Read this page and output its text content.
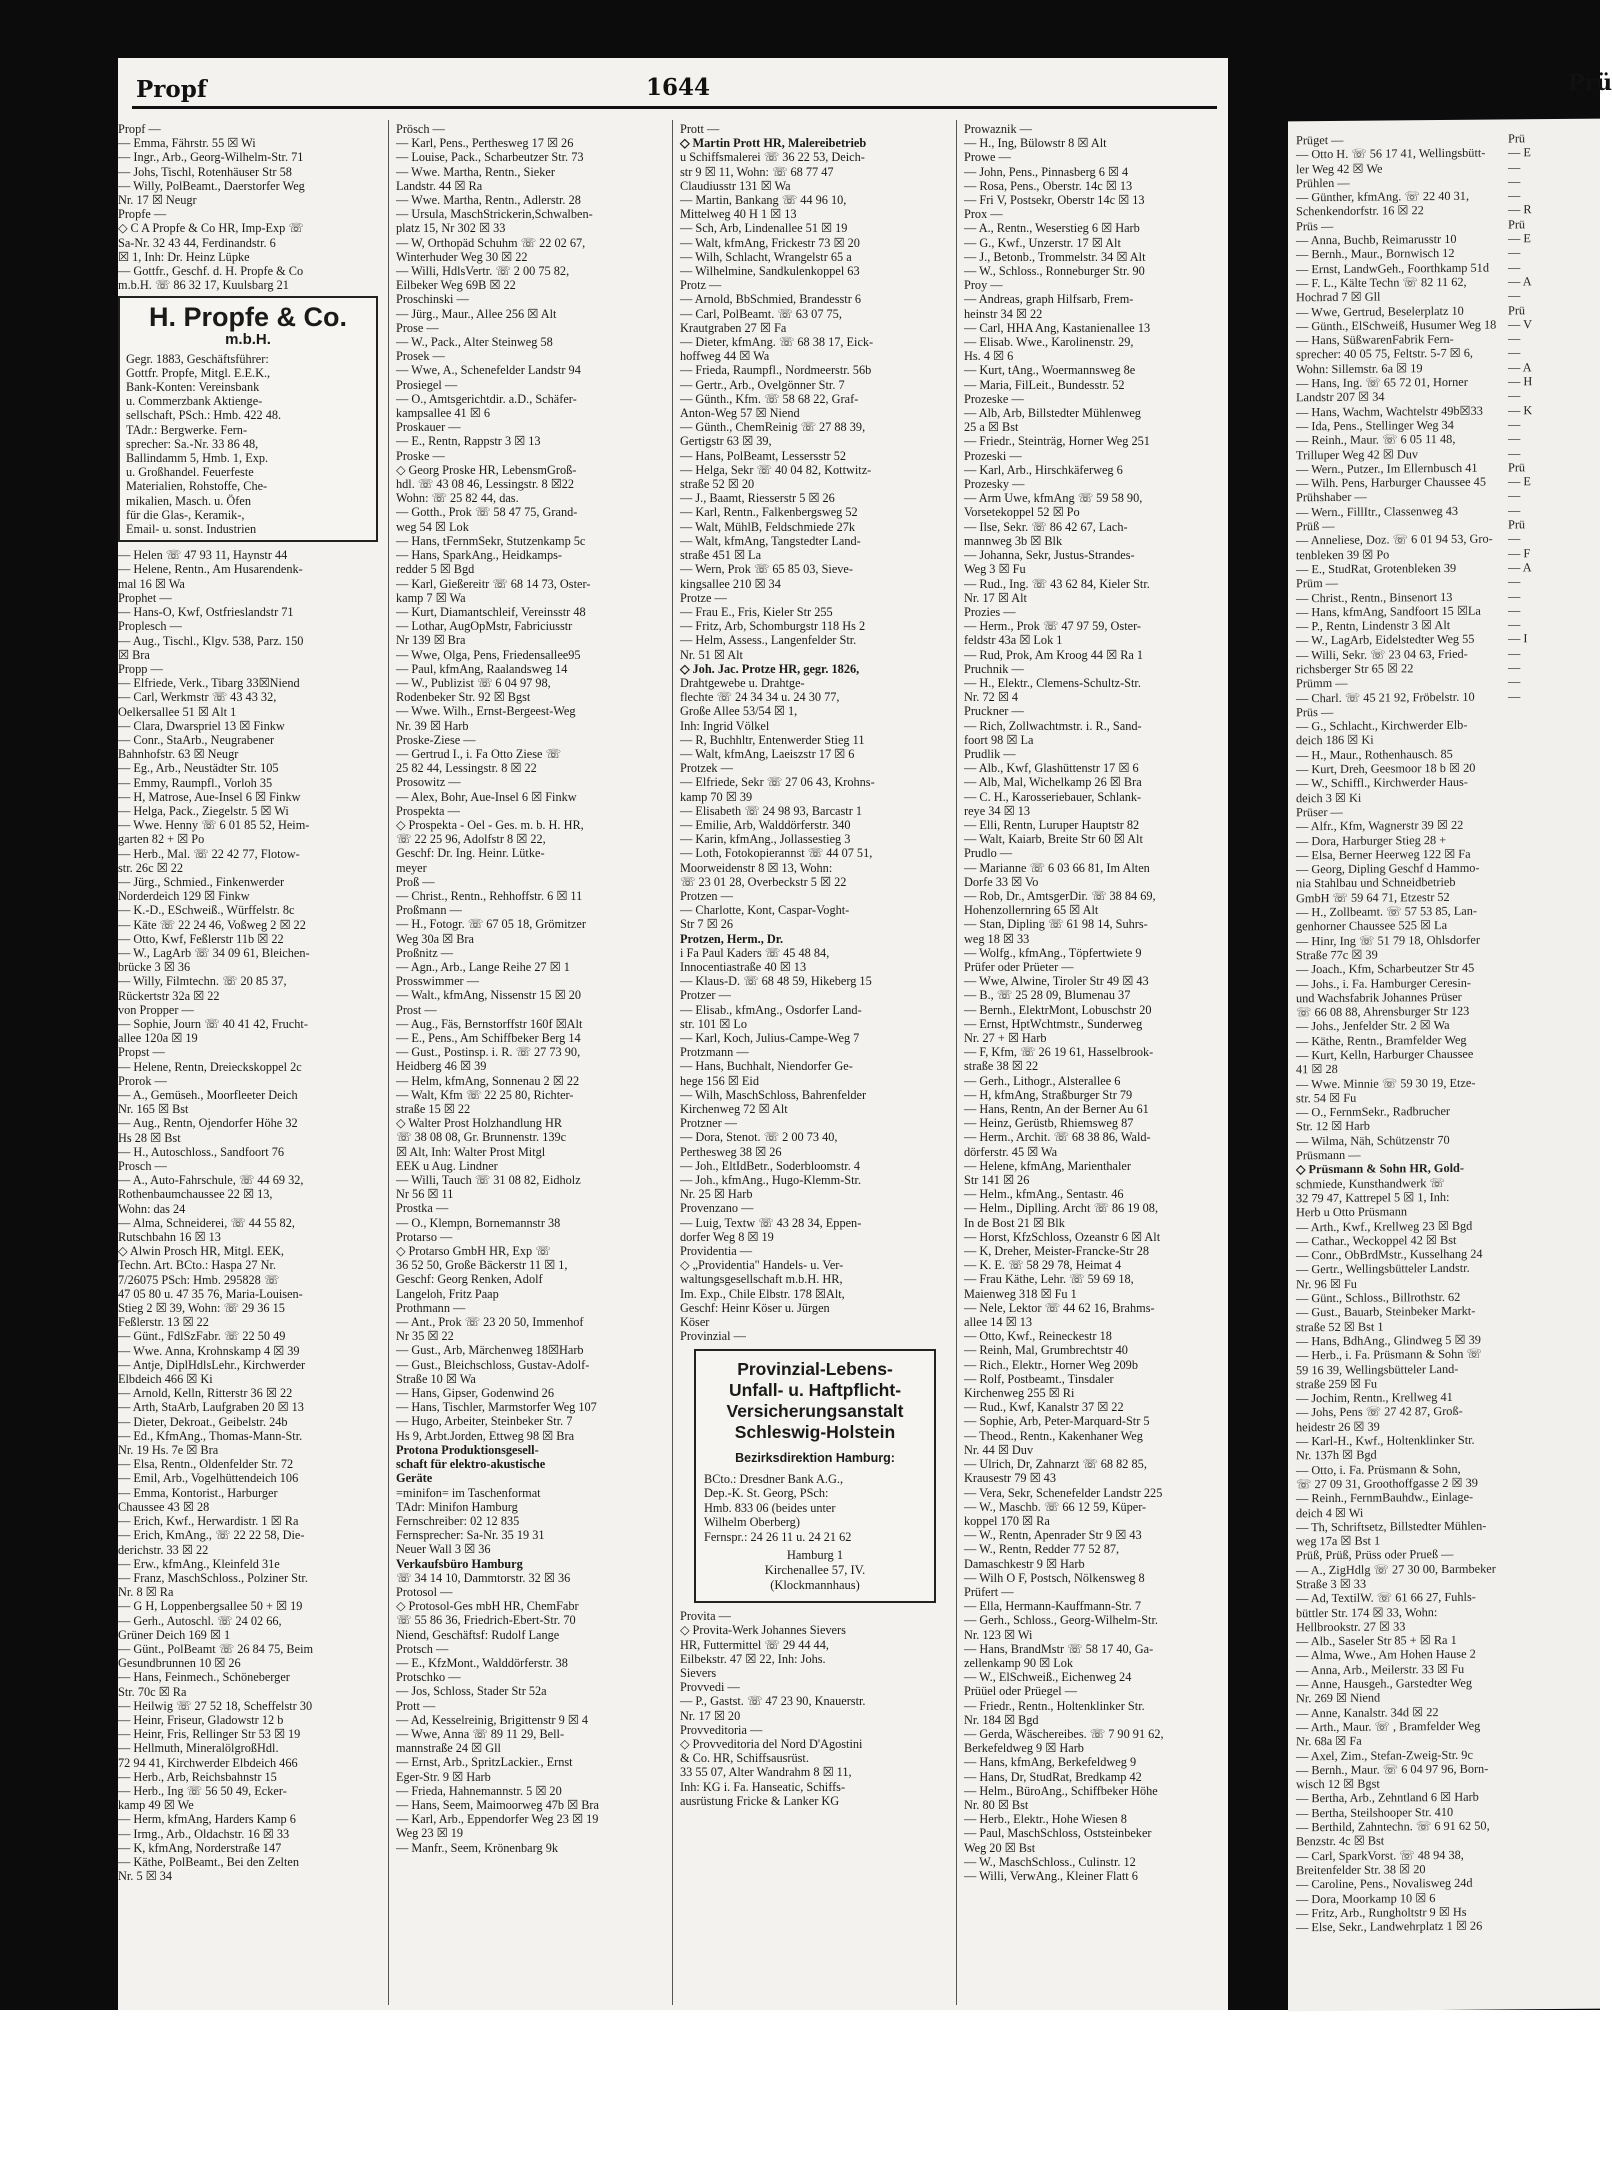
Propf	1644
Propf —
— Emma, Fährstr. 55 ☒ Wi
— Ingr., Arb., Georg-Wilhelm-Str. 71
— Johs, Tischl, Rotenhäuser Str 58
— Willy, PolBeamt., Daerstorfer Weg
Nr. 17 ☒ Neugr
Propfe —
◇ C A Propfe & Co HR, Imp-Exp ☏
Sa-Nr. 32 43 44, Ferdinandstr. 6
☒ 1, Inh: Dr. Heinz Lüpke
— Gottfr., Geschf. d. H. Propfe & Co
m.b.H. ☏ 86 32 17, Kuulsbarg 21
H. Propfe & Co.
m.b.H.
Gegr. 1883, Geschäftsführer:
Gottfr. Propfe, Mitgl. E.E.K.,
Bank-Konten: Vereinsbank
u. Commerzbank Aktienge-
sellschaft, PSch.: Hmb. 422 48.
TAdr.: Bergwerke. Fern-
sprecher: Sa.-Nr. 33 86 48,
Ballindamm 5, Hmb. 1, Exp.
u. Großhandel. Feuerfeste
Materialien, Rohstoffe, Che-
mikalien, Masch. u. Öfen
für die Glas-, Keramik-,
Email- u. sonst. Industrien
— Helen ☏ 47 93 11, Haynstr 44
— Helene, Rentn., Am Husarendenk-
mal 16 ☒ Wa
Prophet —
— Hans-O, Kwf, Ostfrieslandstr 71
Proplesch —
— Aug., Tischl., Klgv. 538, Parz. 150
☒ Bra
Propp —
— Elfriede, Verk., Tibarg 33☒Niend
— Carl, Werkmstr ☏ 43 43 32,
Oelkersallee 51 ☒ Alt 1
— Clara, Dwarspriel 13 ☒ Finkw
— Conr., StaArb., Neugrabener
Bahnhofstr. 63 ☒ Neugr
— Eg., Arb., Neustädter Str. 105
— Emmy, Raumpfl., Vorloh 35
— H, Matrose, Aue-Insel 6 ☒ Finkw
— Helga, Pack., Ziegelstr. 5 ☒ Wi
— Wwe. Henny ☏ 6 01 85 52, Heim-
garten 82 + ☒ Po
— Herb., Mal. ☏ 22 42 77, Flotow-
str. 26c ☒ 22
— Jürg., Schmied., Finkenwerder
Norderdeich 129 ☒ Finkw
— K.-D., ESchweiß., Würffelstr. 8c
— Käte ☏ 22 24 46, Voßweg 2 ☒ 22
— Otto, Kwf, Feßlerstr 11b ☒ 22
— W., LagArb ☏ 34 09 61, Bleichen-
brücke 3 ☒ 36
— Willy, Filmtechn. ☏ 20 85 37,
Rückertstr 32a ☒ 22
von Propper —
— Sophie, Journ ☏ 40 41 42, Frucht-
allee 120a ☒ 19
Propst —
— Helene, Rentn, Dreieckskoppel 2c
Prorok —
— A., Gemüseh., Moorfleeter Deich
Nr. 165 ☒ Bst
— Aug., Rentn, Ojendorfer Höhe 32
Hs 28 ☒ Bst
— H., Autoschloss., Sandfoort 76
Prosch —
— A., Auto-Fahrschule, ☏ 44 69 32,
Rothenbaumchaussee 22 ☒ 13,
Wohn: das 24
— Alma, Schneiderei, ☏ 44 55 82,
Rutschbahn 16 ☒ 13
◇ Alwin Prosch HR, Mitgl. EEK,
Techn. Art. BCto.: Haspa 27 Nr.
7/26075 PSch: Hmb. 295828 ☏
47 05 80 u. 47 35 76, Maria-Louisen-
Stieg 2 ☒ 39, Wohn: ☏ 29 36 15
Feßlerstr. 13 ☒ 22
— Günt., FdlSzFabr. ☏ 22 50 49
— Wwe. Anna, Krohnskamp 4 ☒ 39
— Antje, DiplHdlsLehr., Kirchwerder
Elbdeich 466 ☒ Ki
— Arnold, Kelln, Ritterstr 36 ☒ 22
— Arth, StaArb, Laufgraben 20 ☒ 13
— Dieter, Dekroat., Geibelstr. 24b
— Ed., KfmAng., Thomas-Mann-Str.
Nr. 19 Hs. 7e ☒ Bra
— Elsa, Rentn., Oldenfelder Str. 72
— Emil, Arb., Vogelhüttendeich 106
— Emma, Kontorist., Harburger
Chaussee 43 ☒ 28
— Erich, Kwf., Herwardistr. 1 ☒ Ra
— Erich, KmAng., ☏ 22 22 58, Die-
derichstr. 33 ☒ 22
— Erw., kfmAng., Kleinfeld 31e
— Franz, MaschSchloss., Polziner Str.
Nr. 8 ☒ Ra
— G H, Loppenbergsallee 50 + ☒ 19
— Gerh., Autoschl. ☏ 24 02 66,
Grüner Deich 169 ☒ 1
— Günt., PolBeamt ☏ 26 84 75, Beim
Gesundbrunnen 10 ☒ 26
— Hans, Feinmech., Schöneberger
Str. 70c ☒ Ra
— Heilwig ☏ 27 52 18, Scheffelstr 30
— Heinr, Friseur, Gladowstr 12 b
— Heinr, Fris, Rellinger Str 53 ☒ 19
— Hellmuth, MineralölgroßHdl.
72 94 41, Kirchwerder Elbdeich 466
— Herb., Arb, Reichsbahnstr 15
— Herb., Ing ☏ 56 50 49, Ecker-
kamp 49 ☒ We
— Herm, kfmAng, Harders Kamp 6
— Irmg., Arb., Oldachstr. 16 ☒ 33
— K, kfmAng, Norderstraße 147
— Käthe, PolBeamt., Bei den Zelten
Nr. 5 ☒ 34
Prösch —
— Karl, Pens., Perthesweg 17 ☒ 26
— Louise, Pack., Scharbeutzer Str. 73
— Wwe. Martha, Rentn., Sieker
Landstr. 44 ☒ Ra
— Wwe. Martha, Rentn., Adlerstr. 28
— Ursula, MaschStrickerin,Schwalben-
platz 15, Nr 302 ☒ 33
— W, Orthopäd Schuhm ☏ 22 02 67,
Winterhuder Weg 30 ☒ 22
— Willi, HdlsVertr. ☏ 2 00 75 82,
Eilbeker Weg 69B ☒ 22
Proschinski —
— Jürg., Maur., Allee 256 ☒ Alt
Prose —
— W., Pack., Alter Steinweg 58
Prosek —
— Wwe, A., Schenefelder Landstr 94
Prosiegel —
— O., Amtsgerichtdir. a.D., Schäfer-
kampsallee 41 ☒ 6
Proskauer —
— E., Rentn, Rappstr 3 ☒ 13
Proske —
◇ Georg Proske HR, LebensmGroß-
hdl. ☏ 43 08 46, Lessingstr. 8 ☒22
Wohn: ☏ 25 82 44, das.
— Gotth., Prok ☏ 58 47 75, Grand-
weg 54 ☒ Lok
— Hans, tFernmSekr, Stutzenkamp 5c
— Hans, SparkAng., Heidkamps-
redder 5 ☒ Bgd
— Karl, Gießereitr ☏ 68 14 73, Oster-
kamp 7 ☒ Wa
— Kurt, Diamantschleif, Vereinsstr 48
— Lothar, AugOpMstr, Fabriciusstr
Nr 139 ☒ Bra
— Wwe, Olga, Pens, Friedensallee95
— Paul, kfmAng, Raalandsweg 14
— W., Publizist ☏ 6 04 97 98,
Rodenbeker Str. 92 ☒ Bgst
— Wwe. Wilh., Ernst-Bergeest-Weg
Nr. 39 ☒ Harb
Proske-Ziese —
— Gertrud I., i. Fa Otto Ziese ☏
25 82 44, Lessingstr. 8 ☒ 22
Prosowitz —
— Alex, Bohr, Aue-Insel 6 ☒ Finkw
Prospekta —
◇ Prospekta - Oel - Ges. m. b. H. HR,
☏ 22 25 96, Adolfstr 8 ☒ 22,
Geschf: Dr. Ing. Heinr. Lütke-
meyer
Proß —
— Christ., Rentn., Rehhoffstr. 6 ☒ 11
Proßmann —
— H., Fotogr. ☏ 67 05 18, Grömitzer
Weg 30a ☒ Bra
Proßnitz —
— Agn., Arb., Lange Reihe 27 ☒ 1
Prosswimmer —
— Walt., kfmAng, Nissenstr 15 ☒ 20
Prost —
— Aug., Fäs, Bernstorffstr 160f ☒Alt
— E., Pens., Am Schiffbeker Berg 14
— Gust., Postinsp. i. R. ☏ 27 73 90,
Heidberg 46 ☒ 39
— Helm, kfmAng, Sonnenau 2 ☒ 22
— Walt, Kfm ☏ 22 25 80, Richter-
straße 15 ☒ 22
◇ Walter Prost Holzhandlung HR
☏ 38 08 08, Gr. Brunnenstr. 139c
☒ Alt, Inh: Walter Prost Mitgl
EEK u Aug. Lindner
— Willi, Tauch ☏ 31 08 82, Eidholz
Nr 56 ☒ 11
Prostka —
— O., Klempn, Bornemannstr 38
Protarso —
◇ Protarso GmbH HR, Exp ☏
36 52 50, Große Bäckerstr 11 ☒ 1,
Geschf: Georg Renken, Adolf
Langeloh, Fritz Paap
Prothmann —
— Ant., Prok ☏ 23 20 50, Immenhof
Nr 35 ☒ 22
— Gust., Arb, Märchenweg 18☒Harb
— Gust., Bleichschloss, Gustav-Adolf-
Straße 10 ☒ Wa
— Hans, Gipser, Godenwind 26
— Hans, Tischler, Marmstorfer Weg 107
— Hugo, Arbeiter, Steinbeker Str. 7
Hs 9, Arbt.Jorden, Ettweg 98 ☒ Bra
Protona Produktionsgesell-
schaft für elektro-akustische
Geräte
=minifon= im Taschenformat
TAdr: Minifon Hamburg
Fernschreiber: 02 12 835
Fernsprecher: Sa-Nr. 35 19 31
Neuer Wall 3 ☒ 36
Verkaufsbüro Hamburg
☏ 34 14 10, Dammtorstr. 32 ☒ 36
Protosol —
◇ Protosol-Ges mbH HR, ChemFabr
☏ 55 86 36, Friedrich-Ebert-Str. 70
Niend, Geschäftsf: Rudolf Lange
Protsch —
— E., KfzMont., Walddörferstr. 38
Protschko —
— Jos, Schloss, Stader Str 52a
Prott —
— Ad, Kesselreinig, Brigittenstr 9 ☒ 4
— Wwe, Anna ☏ 89 11 29, Bell-
mannstraße 24 ☒ Gll
— Ernst, Arb., SpritzLackier., Ernst
Eger-Str. 9 ☒ Harb
— Frieda, Hahnemannstr. 5 ☒ 20
— Hans, Seem, Maimoorweg 47b ☒ Bra
— Karl, Arb., Eppendorfer Weg 23 ☒ 19
Weg 23 ☒ 19
— Manfr., Seem, Krönenbarg 9k
Prott —
◇ Martin Prott HR, Malereibetrieb
u Schiffsmalerei ☏ 36 22 53, Deich-
str 9 ☒ 11, Wohn: ☏ 68 77 47
Claudiusstr 131 ☒ Wa
— Martin, Bankang ☏ 44 96 10,
Mittelweg 40 H 1 ☒ 13
— Sch, Arb, Lindenallee 51 ☒ 19
— Walt, kfmAng, Frickestr 73 ☒ 20
— Wilh, Schlacht, Wrangelstr 65 a
— Wilhelmine, Sandkulenkoppel 63
Protz —
— Arnold, BbSchmied, Brandesstr 6
— Carl, PolBeamt. ☏ 63 07 75,
Krautgraben 27 ☒ Fa
— Dieter, kfmAng. ☏ 68 38 17, Eick-
hoffweg 44 ☒ Wa
— Frieda, Raumpfl., Nordmeerstr. 56b
— Gertr., Arb., Ovelgönner Str. 7
— Günth., Kfm. ☏ 58 68 22, Graf-
Anton-Weg 57 ☒ Niend
— Günth., ChemReinig ☏ 27 88 39,
Gertigstr 63 ☒ 39,
— Hans, PolBeamt, Lessersstr 52
— Helga, Sekr ☏ 40 04 82, Kottwitz-
straße 52 ☒ 20
— J., Baamt, Riesserstr 5 ☒ 26
— Karl, Rentn., Falkenbergsweg 52
— Walt, MühlB, Feldschmiede 27k
— Walt, kfmAng, Tangstedter Land-
straße 451 ☒ La
— Wern, Prok ☏ 65 85 03, Sieve-
kingsallee 210 ☒ 34
Protze —
— Frau E., Fris, Kieler Str 255
— Fritz, Arb, Schomburgstr 118 Hs 2
— Helm, Assess., Langenfelder Str.
Nr. 51 ☒ Alt
◇ Joh. Jac. Protze HR, gegr. 1826,
Drahtgewebe u. Drahtge-
flechte ☏ 24 34 34 u. 24 30 77,
Große Allee 53/54 ☒ 1,
Inh: Ingrid Völkel
— R, Buchhltr, Entenwerder Stieg 11
— Walt, kfmAng, Laeiszstr 17 ☒ 6
Protzek —
— Elfriede, Sekr ☏ 27 06 43, Krohns-
kamp 70 ☒ 39
— Elisabeth ☏ 24 98 93, Barcastr 1
— Emilie, Arb, Walddörferstr. 340
— Karin, kfmAng., Jollassestieg 3
— Loth, Fotokopierannst ☏ 44 07 51,
Moorweidenstr 8 ☒ 13, Wohn:
☏ 23 01 28, Overbeckstr 5 ☒ 22
Protzen —
— Charlotte, Kont, Caspar-Voght-
Str 7 ☒ 26
Protzen, Herm., Dr.
i Fa Paul Kaders ☏ 45 48 84,
Innocentiastraße 40 ☒ 13
— Klaus-D. ☏ 68 48 59, Hikeberg 15
Protzer —
— Elisab., kfmAng., Osdorfer Land-
str. 101 ☒ Lo
— Karl, Koch, Julius-Campe-Weg 7
Protzmann —
— Hans, Buchhalt, Niendorfer Ge-
hege 156 ☒ Eid
— Wilh, MaschSchloss, Bahrenfelder
Kirchenweg 72 ☒ Alt
Protzner —
— Dora, Stenot. ☏ 2 00 73 40,
Perthesweg 38 ☒ 26
— Joh., EltIdBetr., Soderbloomstr. 4
— Joh., kfmAng., Hugo-Klemm-Str.
Nr. 25 ☒ Harb
Provenzano —
— Luig, Textw ☏ 43 28 34, Eppen-
dorfer Weg 8 ☒ 19
Providentia —
◇ „Providentia" Handels- u. Ver-
waltungsgesellschaft m.b.H. HR,
Im. Exp., Chile Elbstr. 178 ☒Alt,
Geschf: Heinr Köser u. Jürgen
Köser
Provinzial —
Provinzial-Lebens-
Unfall- u. Haftpflicht-
Versicherungsanstalt
Schleswig-Holstein
Bezirksdirektion Hamburg:
BCto.: Dresdner Bank A.G.,
Dep.-K. St. Georg, PSch:
Hmb. 833 06 (beides unter
Wilhelm Oberberg)
Fernspr.: 24 26 11 u. 24 21 62
Hamburg 1
Kirchenallee 57, IV.
(Klockmannhaus)
Provita —
◇ Provita-Werk Johannes Sievers
HR, Futtermittel ☏ 29 44 44,
Eilbekstr. 47 ☒ 22, Inh: Johs.
Sievers
Provvedi —
— P., Gastst. ☏ 47 23 90, Knauerstr.
Nr. 17 ☒ 20
Provveditoria —
◇ Provveditoria del Nord D'Agostini
& Co. HR, Schiffsausrüst.
33 55 07, Alter Wandrahm 8 ☒ 11,
Inh: KG i. Fa. Hanseatic, Schiffs-
ausrüstung Fricke & Lanker KG
Prowaznik —
— H., Ing, Bülowstr 8 ☒ Alt
Prowe —
— John, Pens., Pinnasberg 6 ☒ 4
— Rosa, Pens., Oberstr. 14c ☒ 13
— Fri V, Postsekr, Oberstr 14c ☒ 13
Prox —
— A., Rentn., Weserstieg 6 ☒ Harb
— G., Kwf., Unzerstr. 17 ☒ Alt
— J., Betonb., Trommelstr. 34 ☒ Alt
— W., Schloss., Ronneburger Str. 90
Proy —
— Andreas, graph Hilfsarb, Frem-
heinstr 34 ☒ 22
— Carl, HHA Ang, Kastanienallee 13
— Elisab. Wwe., Karolinenstr. 29,
Hs. 4 ☒ 6
— Kurt, tAng., Woermannsweg 8e
— Maria, FilLeit., Bundesstr. 52
Prozeske —
— Alb, Arb, Billstedter Mühlenweg
25 a ☒ Bst
— Friedr., Steinträg, Horner Weg 251
Prozeski —
— Karl, Arb., Hirschkäferweg 6
Prozesky —
— Arm Uwe, kfmAng ☏ 59 58 90,
Vorsetekoppel 52 ☒ Po
— Ilse, Sekr. ☏ 86 42 67, Lach-
mannweg 3b ☒ Blk
— Johanna, Sekr, Justus-Strandes-
Weg 3 ☒ Fu
— Rud., Ing. ☏ 43 62 84, Kieler Str.
Nr. 17 ☒ Alt
Prozies —
— Herm., Prok ☏ 47 97 59, Oster-
feldstr 43a ☒ Lok 1
— Rud, Prok, Am Kroog 44 ☒ Ra 1
Pruchnik —
— H., Elektr., Clemens-Schultz-Str.
Nr. 72 ☒ 4
Pruckner —
— Rich, Zollwachtmstr. i. R., Sand-
foort 98 ☒ La
Prudlik —
— Alb., Kwf, Glashüttenstr 17 ☒ 6
— Alb, Mal, Wichelkamp 26 ☒ Bra
— C. H., Karosseriebauer, Schlank-
reye 34 ☒ 13
— Elli, Rentn, Luruper Hauptstr 82
— Walt, Kaiarb, Breite Str 60 ☒ Alt
Prudlo —
— Marianne ☏ 6 03 66 81, Im Alten
Dorfe 33 ☒ Vo
— Rob, Dr., AmtsgerDir. ☏ 38 84 69,
Hohenzollernring 65 ☒ Alt
— Stan, Dipling ☏ 61 98 14, Suhrs-
weg 18 ☒ 33
— Wolfg., kfmAng., Töpfertwiete 9
Prüfer oder Prüeter —
— Wwe, Alwine, Tiroler Str 49 ☒ 43
— B., ☏ 25 28 09, Blumenau 37
— Bernh., ElektrMont, Lobuschstr 20
— Ernst, HptWchtmstr., Sunderweg
Nr. 27 + ☒ Harb
— F, Kfm, ☏ 26 19 61, Hasselbrook-
straße 38 ☒ 22
— Gerh., Lithogr., Alsterallee 6
— H, kfmAng, Straßburger Str 79
— Hans, Rentn, An der Berner Au 61
— Heinz, Gerüstb, Rhiemsweg 87
— Herm., Archit. ☏ 68 38 86, Wald-
dörferstr. 45 ☒ Wa
— Helene, kfmAng, Marienthaler
Str 141 ☒ 26
— Helm., kfmAng., Sentastr. 46
— Helm., Diplling. Archt ☏ 86 19 08,
In de Bost 21 ☒ Blk
— Horst, KfzSchloss, Ozeanstr 6 ☒ Alt
— K, Dreher, Meister-Francke-Str 28
— K. E. ☏ 58 29 78, Heimat 4
— Frau Käthe, Lehr. ☏ 59 69 18,
Maienweg 318 ☒ Fu 1
— Nele, Lektor ☏ 44 62 16, Brahms-
allee 14 ☒ 13
— Otto, Kwf., Reineckestr 18
— Reinh, Mal, Grumbrechtstr 40
— Rich., Elektr., Horner Weg 209b
— Rolf, Postbeamt., Tinsdaler
Kirchenweg 255 ☒ Ri
— Rud., Kwf, Kanalstr 37 ☒ 22
— Sophie, Arb, Peter-Marquard-Str 5
— Theod., Rentn., Kakenhaner Weg
Nr. 44 ☒ Duv
— Ulrich, Dr, Zahnarzt ☏ 68 82 85,
Krausestr 79 ☒ 43
— Vera, Sekr, Schenefelder Landstr 225
— W., Maschb. ☏ 66 12 59, Küper-
koppel 170 ☒ Ra
— W., Rentn, Apenrader Str 9 ☒ 43
— W., Rentn, Redder 77 52 87,
Damaschkestr 9 ☒ Harb
— Wilh O F, Postsch, Nölkensweg 8
Prüfert —
— Ella, Hermann-Kauffmann-Str. 7
— Gerh., Schloss., Georg-Wilhelm-Str.
Nr. 123 ☒ Wi
— Hans, BrandMstr ☏ 58 17 40, Ga-
zellenkamp 90 ☒ Lok
— W., ElSchweiß., Eichenweg 24
Prüüel oder Prüegel —
— Friedr., Rentn., Holtenklinker Str.
Nr. 184 ☒ Bgd
— Gerda, Wäschereibes. ☏ 7 90 91 62,
Berkefeldweg 9 ☒ Harb
— Hans, kfmAng, Berkefeldweg 9
— Hans, Dr, StudRat, Bredkamp 42
— Helm., BüroAng., Schiffbeker Höhe
Nr. 80 ☒ Bst
— Herb., Elektr., Hohe Wiesen 8
— Paul, MaschSchloss, Oststeinbeker
Weg 20 ☒ Bst
— W., MaschSchloss., Culinstr. 12
— Willi, VerwAng., Kleiner Flatt 6
Prü
Prüget —
— Otto H. ☏ 56 17 41, Wellingsbütt-
ler Weg 42 ☒ We
Prühlen —
— Günther, kfmAng. ☏ 22 40 31,
Schenkendorfstr. 16 ☒ 22
Prüs —
— Anna, Buchb, Reimarusstr 10
— Bernh., Maur., Bornwisch 12
— Ernst, LandwGeh., Foorthkamp 51d
— F. L., Kälte Techn ☏ 82 11 62,
Hochrad 7 ☒ Gll
— Wwe, Gertrud, Beselerplatz 10
— Günth., ElSchweiß, Husumer Weg 18
— Hans, SüßwarenFabrik Fern-
sprecher: 40 05 75, Feltstr. 5-7 ☒ 6,
Wohn: Sillemstr. 6a ☒ 19
— Hans, Ing. ☏ 65 72 01, Horner
Landstr 207 ☒ 34
— Hans, Wachm, Wachtelstr 49b☒33
— Ida, Pens., Stellinger Weg 34
— Reinh., Maur. ☏ 6 05 11 48,
Trilluper Weg 42 ☒ Duv
— Wern., Putzer., Im Ellernbusch 41
— Wilh. Pens, Harburger Chaussee 45
Prühshaber —
— Wern., FillItr., Classenweg 43
Prüß —
— Anneliese, Doz. ☏ 6 01 94 53, Gro-
tenbleken 39 ☒ Po
— E., StudRat, Grotenbleken 39
Prüm —
— Christ., Rentn., Binsenort 13
— Hans, kfmAng, Sandfoort 15 ☒La
— P., Rentn, Lindenstr 3 ☒ Alt
— W., LagArb, Eidelstedter Weg 55
— Willi, Sekr. ☏ 23 04 63, Fried-
richsberger Str 65 ☒ 22
Prümm —
— Charl. ☏ 45 21 92, Fröbelstr. 10
Prüs —
— G., Schlacht., Kirchwerder Elb-
deich 186 ☒ Ki
— H., Maur., Rothenhausch. 85
— Kurt, Dreh, Geesmoor 18 b ☒ 20
— W., Schiffl., Kirchwerder Haus-
deich 3 ☒ Ki
Prüser —
— Alfr., Kfm, Wagnerstr 39 ☒ 22
— Dora, Harburger Stieg 28 +
— Elsa, Berner Heerweg 122 ☒ Fa
— Georg, Dipling Geschf d Hammo-
nia Stahlbau und Schneidbetrieb
GmbH ☏ 59 64 71, Etzestr 52
— H., Zollbeamt. ☏ 57 53 85, Lan-
genhorner Chaussee 525 ☒ La
— Hinr, Ing ☏ 51 79 18, Ohlsdorfer
Straße 77c ☒ 39
— Joach., Kfm, Scharbeutzer Str 45
— Johs., i. Fa. Hamburger Ceresin-
und Wachsfabrik Johannes Prüser
☏ 66 08 88, Ahrensburger Str 123
— Johs., Jenfelder Str. 2 ☒ Wa
— Käthe, Rentn., Bramfelder Weg
— Kurt, Kelln, Harburger Chaussee
41 ☒ 28
— Wwe. Minnie ☏ 59 30 19, Etze-
str. 54 ☒ Fu
— O., FernmSekr., Radbrucher
Str. 12 ☒ Harb
— Wilma, Näh, Schützenstr 70
Prüsmann —
◇ Prüsmann & Sohn HR, Gold-
schmiede, Kunsthandwerk ☏
32 79 47, Kattrepel 5 ☒ 1, Inh:
Herb u Otto Prüsmann
— Arth., Kwf., Krellweg 23 ☒ Bgd
— Cathar., Weckoppel 42 ☒ Bst
— Conr., ObBrdMstr., Kusselhang 24
— Gertr., Wellingsbütteler Landstr.
Nr. 96 ☒ Fu
— Günt., Schloss., Billrothstr. 62
— Gust., Bauarb, Steinbeker Markt-
straße 52 ☒ Bst 1
— Hans, BdhAng., Glindweg 5 ☒ 39
— Herb., i. Fa. Prüsmann & Sohn ☏
59 16 39, Wellingsbütteler Land-
straße 259 ☒ Fu
— Jochim, Rentn., Krellweg 41
— Johs, Pens ☏ 27 42 87, Groß-
heidestr 26 ☒ 39
— Karl-H., Kwf., Holtenklinker Str.
Nr. 137h ☒ Bgd
— Otto, i. Fa. Prüsmann & Sohn,
☏ 27 09 31, Groothoffgasse 2 ☒ 39
— Reinh., FernmBauhdw., Einlage-
deich 4 ☒ Wi
— Th, Schriftsetz, Billstedter Mühlen-
weg 17a ☒ Bst 1
Prüß, Prüß, Prüss oder Prueß —
— A., ZigHdlg ☏ 27 30 00, Barmbeker
Straße 3 ☒ 33
— Ad, TextilW. ☏ 61 66 27, Fuhls-
büttler Str. 174 ☒ 33, Wohn:
Hellbrookstr. 27 ☒ 33
— Alb., Saseler Str 85 + ☒ Ra 1
— Alma, Wwe., Am Hohen Hause 2
— Anna, Arb., Meilerstr. 33 ☒ Fu
— Anne, Hausgeh., Garstedter Weg
Nr. 269 ☒ Niend
— Anne, Kanalstr. 34d ☒ 22
— Arth., Maur. ☏ , Bramfelder Weg
Nr. 68a ☒ Fa
— Axel, Zim., Stefan-Zweig-Str. 9c
— Bernh., Maur. ☏ 6 04 97 96, Born-
wisch 12 ☒ Bgst
— Bertha, Arb., Zehntland 6 ☒ Harb
— Bertha, Steilshooper Str. 410
— Berthild, Zahntechn. ☏ 6 91 62 50,
Benzstr. 4c ☒ Bst
— Carl, SparkVorst. ☏ 48 94 38,
Breitenfelder Str. 38 ☒ 20
— Caroline, Pens., Novalisweg 24d
— Dora, Moorkamp 10 ☒ 6
— Fritz, Arb., Rungholtstr 9 ☒ Hs
— Else, Sekr., Landwehrplatz 1 ☒ 26
Prü
— E
—
—
—
— R
Prü
— E
—
—
— A
—
Prü
— V
—
—
— A
— H
—
— K
—
—
—
Prü
— E
—
—
Prü
—
— F
— A
—
—
—
—
— I
—
—
—
—
